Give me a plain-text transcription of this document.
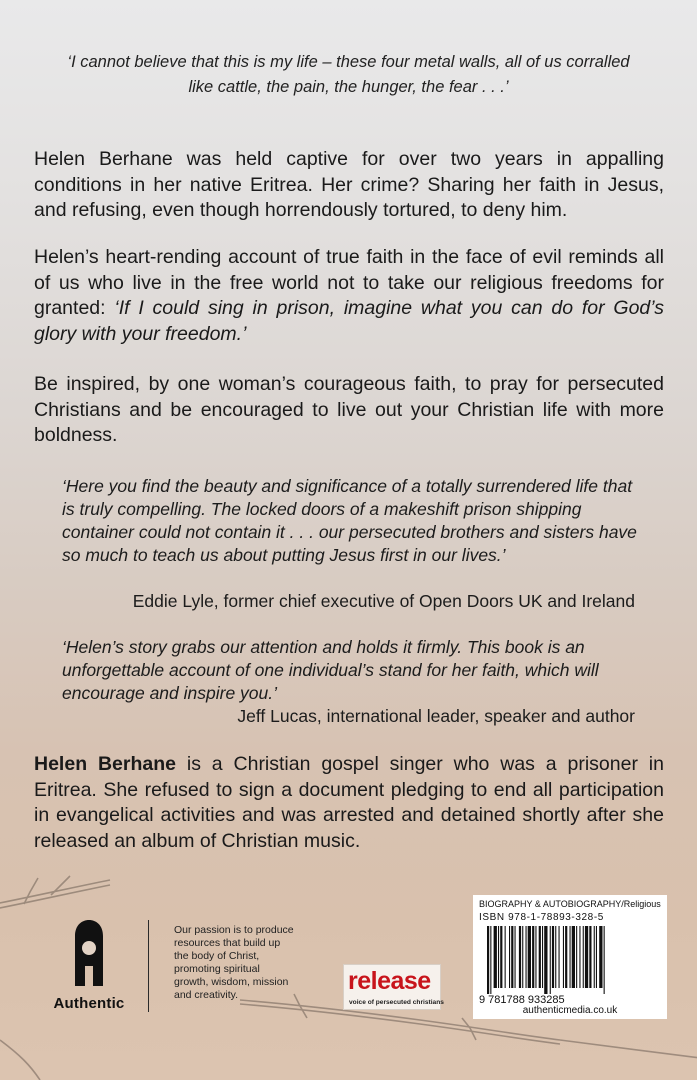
‘I cannot believe that this is my life – these four metal walls, all of us corralled like cattle, the pain, the hunger, the fear . . .’
Helen Berhane was held captive for over two years in appalling conditions in her native Eritrea. Her crime? Sharing her faith in Jesus, and refusing, even though horrendously tortured, to deny him.
Helen’s heart-rending account of true faith in the face of evil reminds all of us who live in the free world not to take our religious freedoms for granted: ‘If I could sing in prison, imagine what you can do for God’s glory with your freedom.’
Be inspired, by one woman’s courageous faith, to pray for persecuted Christians and be encouraged to live out your Christian life with more boldness.
‘Here you find the beauty and significance of a totally surrendered life that is truly compelling. The locked doors of a makeshift prison shipping container could not contain it . . . our persecuted brothers and sisters have so much to teach us about putting Jesus first in our lives.’
Eddie Lyle, former chief executive of Open Doors UK and Ireland
‘Helen’s story grabs our attention and holds it firmly. This book is an unforgettable account of one individual’s stand for her faith, which will encourage and inspire you.’
Jeff Lucas, international leader, speaker and author
Helen Berhane is a Christian gospel singer who was a prisoner in Eritrea. She refused to sign a document pledging to end all participation in evangelical activities and was arrested and detained shortly after she released an album of Christian music.
Authentic
Our passion is to produce resources that build up the body of Christ, promoting spiritual growth, wisdom, mission and creativity.	release
voice of persecuted christians
BIOGRAPHY & AUTOBIOGRAPHY/Religious
ISBN 978-1-78893-328-5
9 781788 933285
authenticmedia.co.uk
